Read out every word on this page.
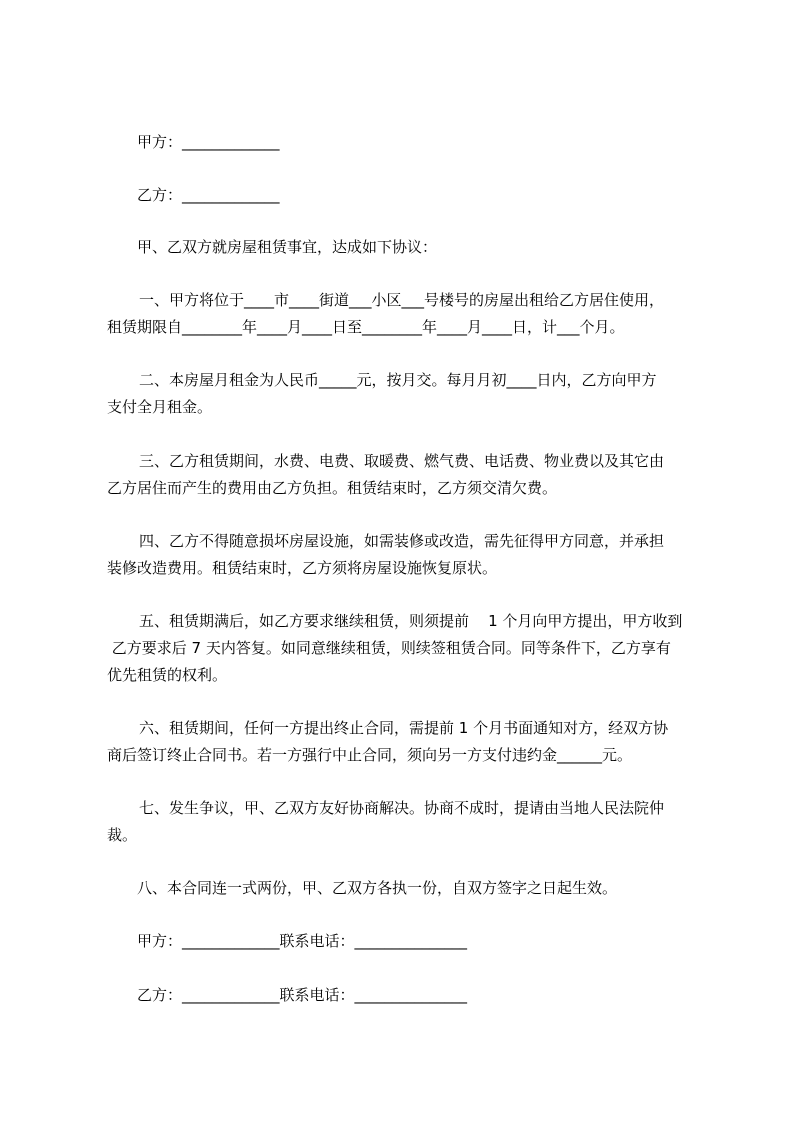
甲方：_____________

乙方：_____________

甲、乙双方就房屋租赁事宜，达成如下协议：

一、甲方将位于____市____街道___小区___号楼号的房屋出租给乙方居住使用，

租赁期限自________年____月____日至________年____月____日，计___个月。

二、本房屋月租金为人民币_____元，按月交。每月月初____日内，乙方向甲方

支付全月租金。

三、乙方租赁期间，水费、电费、取暖费、燃气费、电话费、物业费以及其它由

乙方居住而产生的费用由乙方负担。租赁结束时，乙方须交清欠费。

四、乙方不得随意损坏房屋设施，如需装修或改造，需先征得甲方同意，并承担

装修改造费用。租赁结束时，乙方须将房屋设施恢复原状。

五、租赁期满后，如乙方要求继续租赁，则须提前    1 个月向甲方提出，甲方收到

乙方要求后 7 天内答复。如同意继续租赁，则续签租赁合同。同等条件下，乙方享有

优先租赁的权利。

六、租赁期间，任何一方提出终止合同，需提前 1 个月书面通知对方，经双方协

商后签订终止合同书。若一方强行中止合同，须向另一方支付违约金______元。

七、发生争议，甲、乙双方友好协商解决。协商不成时，提请由当地人民法院仲

裁。

八、本合同连一式两份，甲、乙双方各执一份，自双方签字之日起生效。

甲方：_____________联系电话：_______________

乙方：_____________联系电话：_______________
